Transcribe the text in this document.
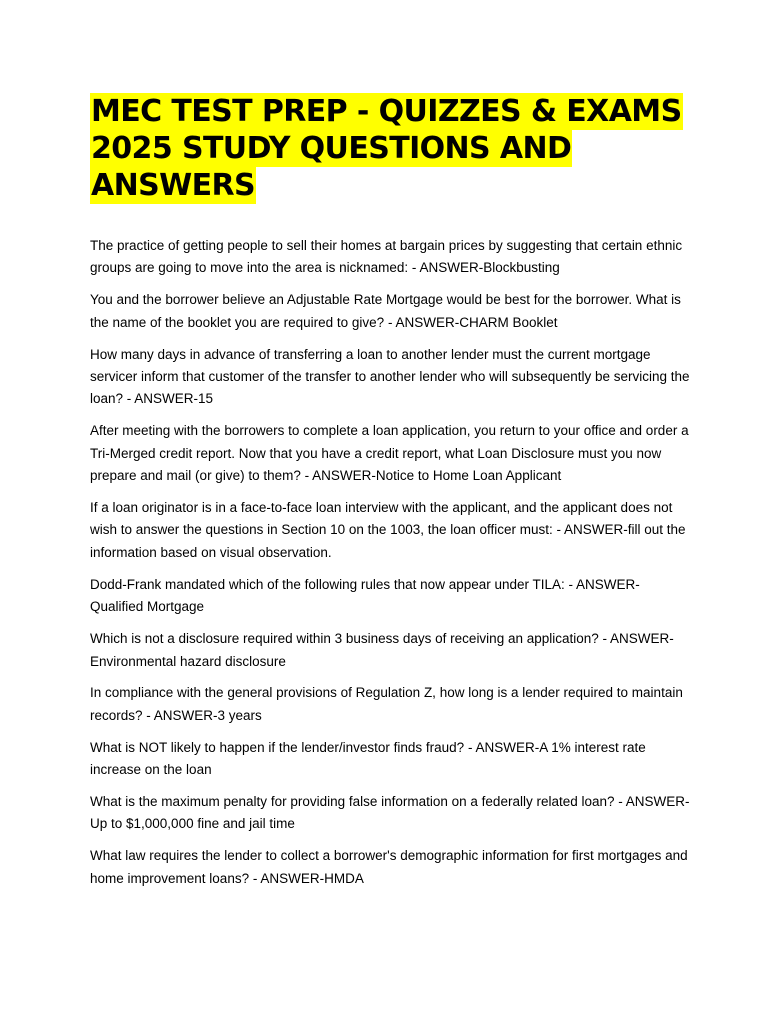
MEC TEST PREP - QUIZZES & EXAMS
2025 STUDY QUESTIONS AND
ANSWERS

The practice of getting people to sell their homes at bargain prices by suggesting that certain ethnic groups are going to move into the area is nicknamed: - ANSWER-Blockbusting

You and the borrower believe an Adjustable Rate Mortgage would be best for the borrower. What is the name of the booklet you are required to give? - ANSWER-CHARM Booklet

How many days in advance of transferring a loan to another lender must the current mortgage servicer inform that customer of the transfer to another lender who will subsequently be servicing the loan? - ANSWER-15

After meeting with the borrowers to complete a loan application, you return to your office and order a Tri-Merged credit report. Now that you have a credit report, what Loan Disclosure must you now prepare and mail (or give) to them? - ANSWER-Notice to Home Loan Applicant

If a loan originator is in a face-to-face loan interview with the applicant, and the applicant does not wish to answer the questions in Section 10 on the 1003, the loan officer must: - ANSWER-fill out the information based on visual observation.

Dodd-Frank mandated which of the following rules that now appear under TILA: - ANSWER-Qualified Mortgage

Which is not a disclosure required within 3 business days of receiving an application? - ANSWER-Environmental hazard disclosure

In compliance with the general provisions of Regulation Z, how long is a lender required to maintain records? - ANSWER-3 years

What is NOT likely to happen if the lender/investor finds fraud? - ANSWER-A 1% interest rate increase on the loan

What is the maximum penalty for providing false information on a federally related loan? - ANSWER-Up to $1,000,000 fine and jail time

What law requires the lender to collect a borrower's demographic information for first mortgages and home improvement loans? - ANSWER-HMDA
